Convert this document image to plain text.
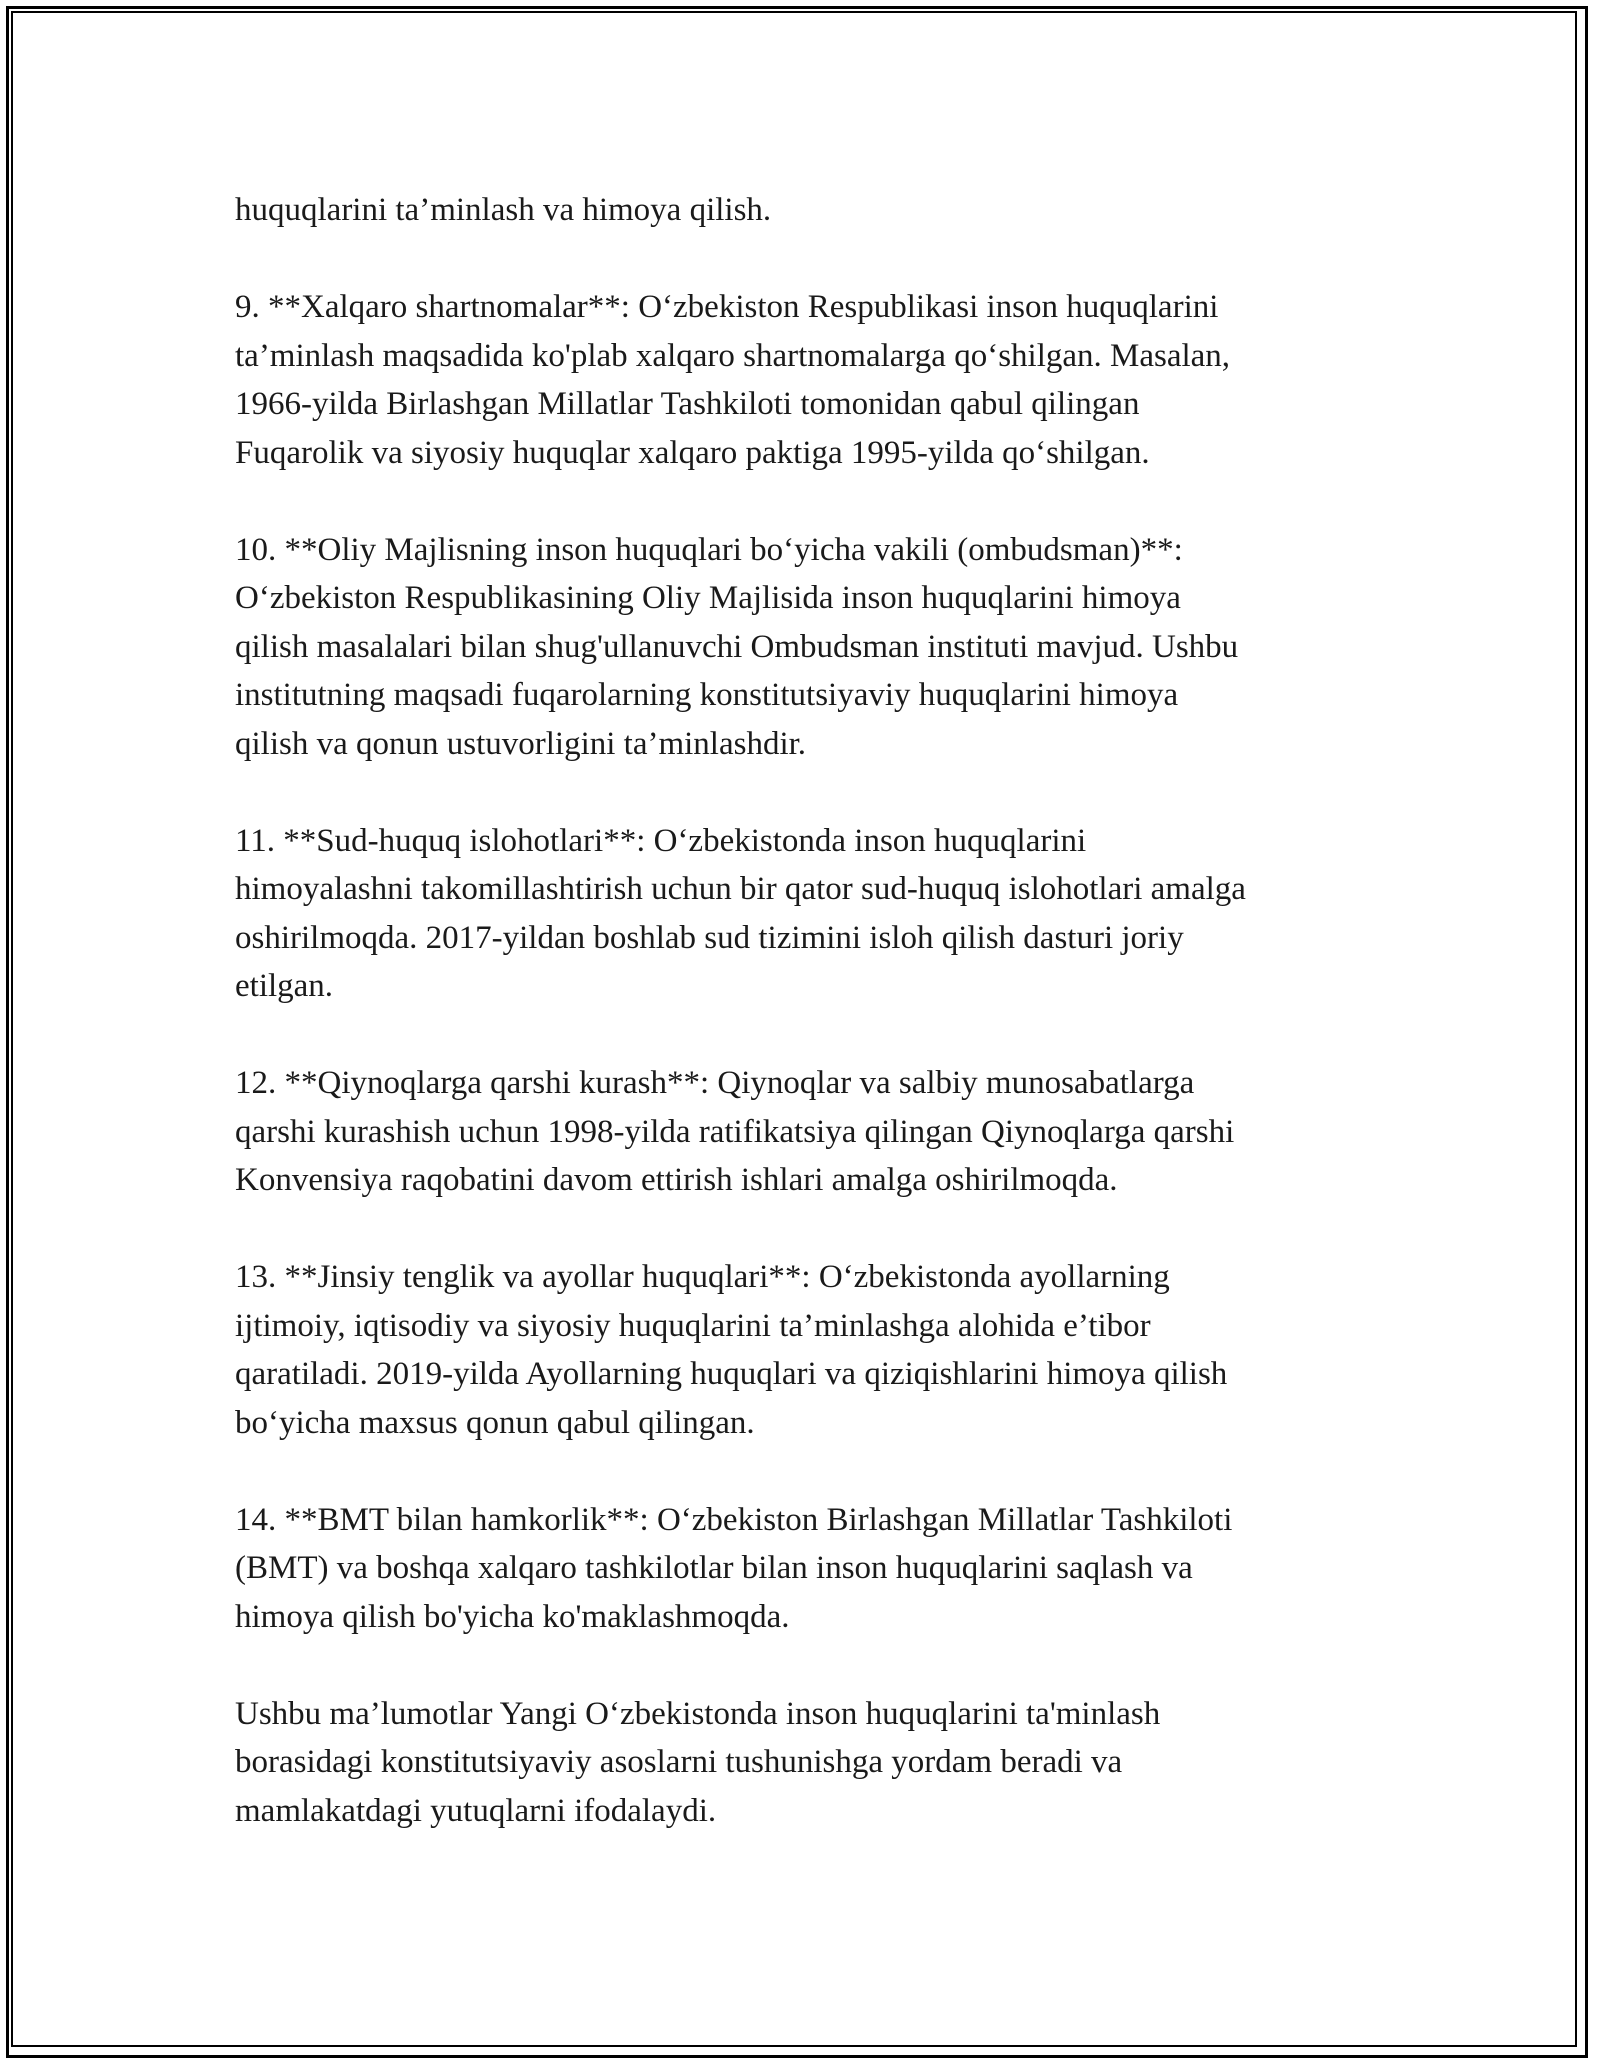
huquqlarini ta’minlash va himoya qilish.

9. **Xalqaro shartnomalar**: O‘zbekiston Respublikasi inson huquqlarini
ta’minlash maqsadida ko'plab xalqaro shartnomalarga qo‘shilgan. Masalan,
1966-yilda Birlashgan Millatlar Tashkiloti tomonidan qabul qilingan
Fuqarolik va siyosiy huquqlar xalqaro paktiga 1995-yilda qo‘shilgan.

10. **Oliy Majlisning inson huquqlari bo‘yicha vakili (ombudsman)**:
O‘zbekiston Respublikasining Oliy Majlisida inson huquqlarini himoya
qilish masalalari bilan shug'ullanuvchi Ombudsman instituti mavjud. Ushbu
institutning maqsadi fuqarolarning konstitutsiyaviy huquqlarini himoya
qilish va qonun ustuvorligini ta’minlashdir.

11. **Sud-huquq islohotlari**: O‘zbekistonda inson huquqlarini
himoyalashni takomillashtirish uchun bir qator sud-huquq islohotlari amalga
oshirilmoqda. 2017-yildan boshlab sud tizimini isloh qilish dasturi joriy
etilgan.

12. **Qiynoqlarga qarshi kurash**: Qiynoqlar va salbiy munosabatlarga
qarshi kurashish uchun 1998-yilda ratifikatsiya qilingan Qiynoqlarga qarshi
Konvensiya raqobatini davom ettirish ishlari amalga oshirilmoqda.

13. **Jinsiy tenglik va ayollar huquqlari**: O‘zbekistonda ayollarning
ijtimoiy, iqtisodiy va siyosiy huquqlarini ta’minlashga alohida e’tibor
qaratiladi. 2019-yilda Ayollarning huquqlari va qiziqishlarini himoya qilish
bo‘yicha maxsus qonun qabul qilingan.

14. **BMT bilan hamkorlik**: O‘zbekiston Birlashgan Millatlar Tashkiloti
(BMT) va boshqa xalqaro tashkilotlar bilan inson huquqlarini saqlash va
himoya qilish bo'yicha ko'maklashmoqda.

Ushbu ma’lumotlar Yangi O‘zbekistonda inson huquqlarini ta'minlash
borasidagi konstitutsiyaviy asoslarni tushunishga yordam beradi va
mamlakatdagi yutuqlarni ifodalaydi.
